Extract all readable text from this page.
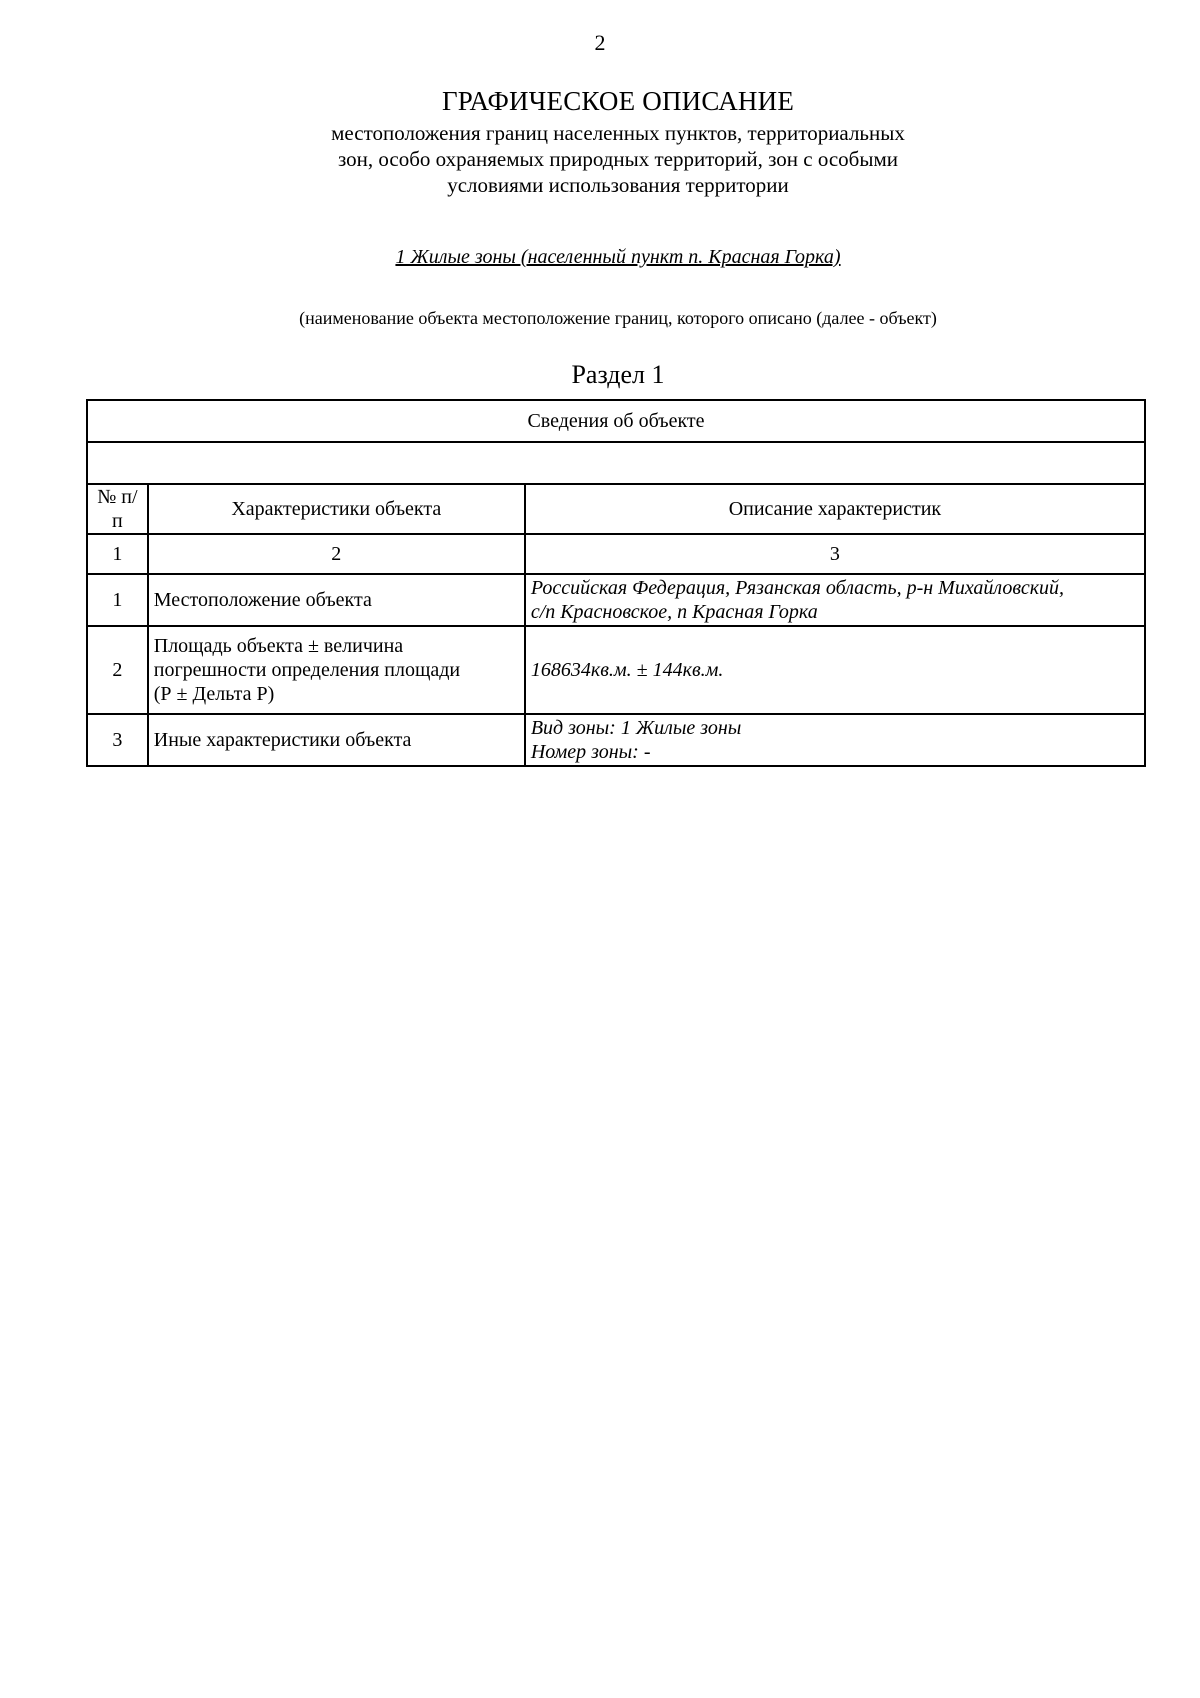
2
ГРАФИЧЕСКОЕ ОПИСАНИЕ
местоположения границ населенных пунктов, территориальных
зон, особо охраняемых природных территорий, зон с особыми
условиями использования территории
1 Жилые зоны (населенный пункт п. Красная Горка)
(наименование объекта местоположение границ, которого описано (далее - объект)
Раздел 1
Сведения об объекте		

№ п/п	Характеристики объекта	Описание характеристик
1	2	3
1	Местоположение объекта	Российская Федерация, Рязанская область, р-н Михайловский,
с/п Красновское, п Красная Горка

2	Площадь объекта ± величина
погрешности определения площади
(Р ± Дельта Р)	168634кв.м. ± 144кв.м.

3	Иные характеристики объекта	Вид зоны: 1 Жилые зоны
Номер зоны: -
